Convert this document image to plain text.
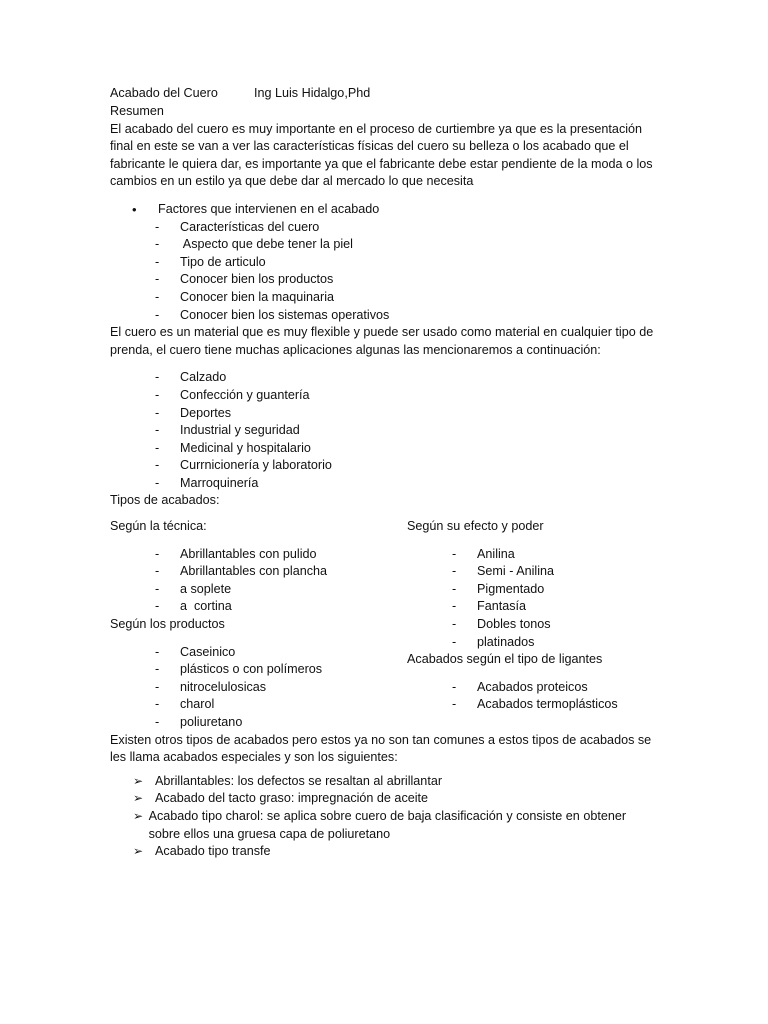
Acabado del Cuero	Ing Luis Hidalgo,Phd

Resumen

El acabado del cuero es muy importante en el proceso de curtiembre ya que es la presentación final en este se van a ver las características físicas del cuero su belleza o los acabado que el fabricante le quiera dar, es importante ya que el fabricante debe estar pendiente de la moda o los cambios en un estilo ya que debe dar al mercado lo que necesita

•	Factores que intervienen en el acabado
-	Características del cuero
-	Aspecto que debe tener la piel
-	Tipo de articulo
-	Conocer bien los productos
-	Conocer bien la maquinaria
-	Conocer bien los sistemas operativos

El cuero es un material que es muy flexible y puede ser usado como material en cualquier tipo de prenda, el cuero tiene muchas aplicaciones algunas las mencionaremos a continuación:

-	Calzado
-	Confección y guantería
-	Deportes
-	Industrial y seguridad
-	Medicinal y hospitalario
-	Currnicionería y laboratorio
-	Marroquinería

Tipos de acabados:

Según la técnica:

-	Abrillantables con pulido
-	Abrillantables con plancha
-	a soplete
-	a  cortina

Según los productos

-	Caseinico
-	plásticos o con polímeros
-	nitrocelulosicas
-	charol
-	poliuretano

Según su efecto y poder

-	Anilina
-	Semi - Anilina
-	Pigmentado
-	Fantasía
-	Dobles tonos
-	platinados

Acabados según el tipo de ligantes

-	Acabados proteicos
-	Acabados termoplásticos

Existen otros tipos de acabados pero estos ya no son tan comunes a estos tipos de acabados se les llama acabados especiales y son los siguientes:

➢ Abrillantables: los defectos se resaltan al abrillantar
➢ Acabado del tacto graso: impregnación de aceite
➢ Acabado tipo charol: se aplica sobre cuero de baja clasificación y consiste en obtener sobre ellos una gruesa capa de poliuretano
➢ Acabado tipo transfe
